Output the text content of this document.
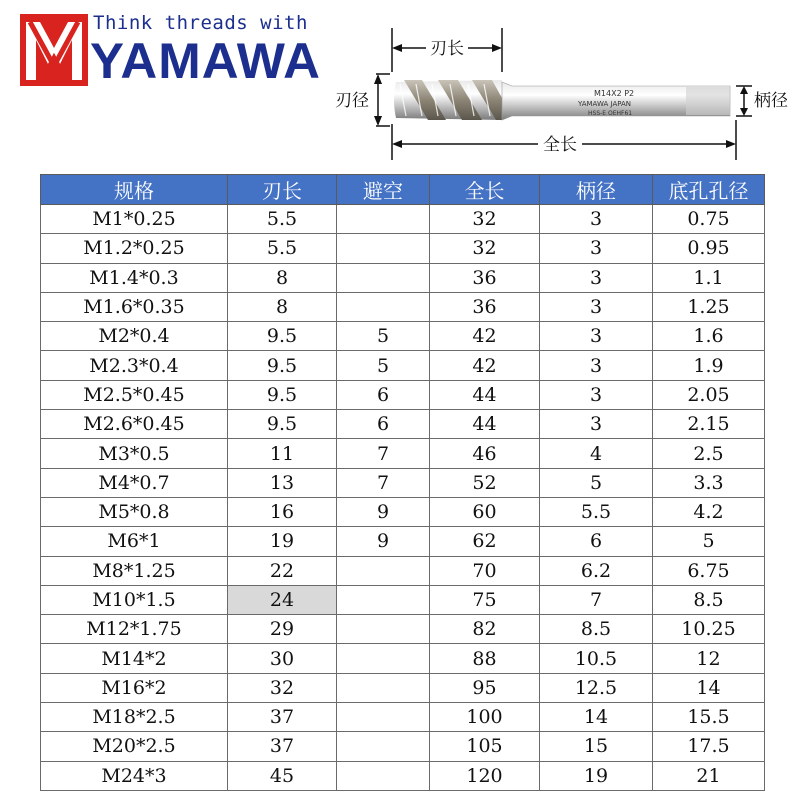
Think threads with
YAMAWA	刃长
刃径	M14X2 P2
YAMAWA JAPAN
HSS-E OEHF61
柄径
全长
规格	刃长	避空	全长	柄径	底孔孔径
M1*0.25	5.5		32	3	0.75
M1.2*0.25	5.5		32	3	0.95
M1.4*0.3	8		36	3	1.1
M1.6*0.35	8		36	3	1.25
M2*0.4	9.5	5	42	3	1.6
M2.3*0.4	9.5	5	42	3	1.9
M2.5*0.45	9.5	6	44	3	2.05
M2.6*0.45	9.5	6	44	3	2.15
M3*0.5	11	7	46	4	2.5
M4*0.7	13	7	52	5	3.3
M5*0.8	16	9	60	5.5	4.2
M6*1	19	9	62	6	5
M8*1.25	22		70	6.2	6.75
M10*1.5	24		75	7	8.5
M12*1.75	29		82	8.5	10.25
M14*2	30		88	10.5	12
M16*2	32		95	12.5	14
M18*2.5	37		100	14	15.5
M20*2.5	37		105	15	17.5
M24*3	45		120	19	21
